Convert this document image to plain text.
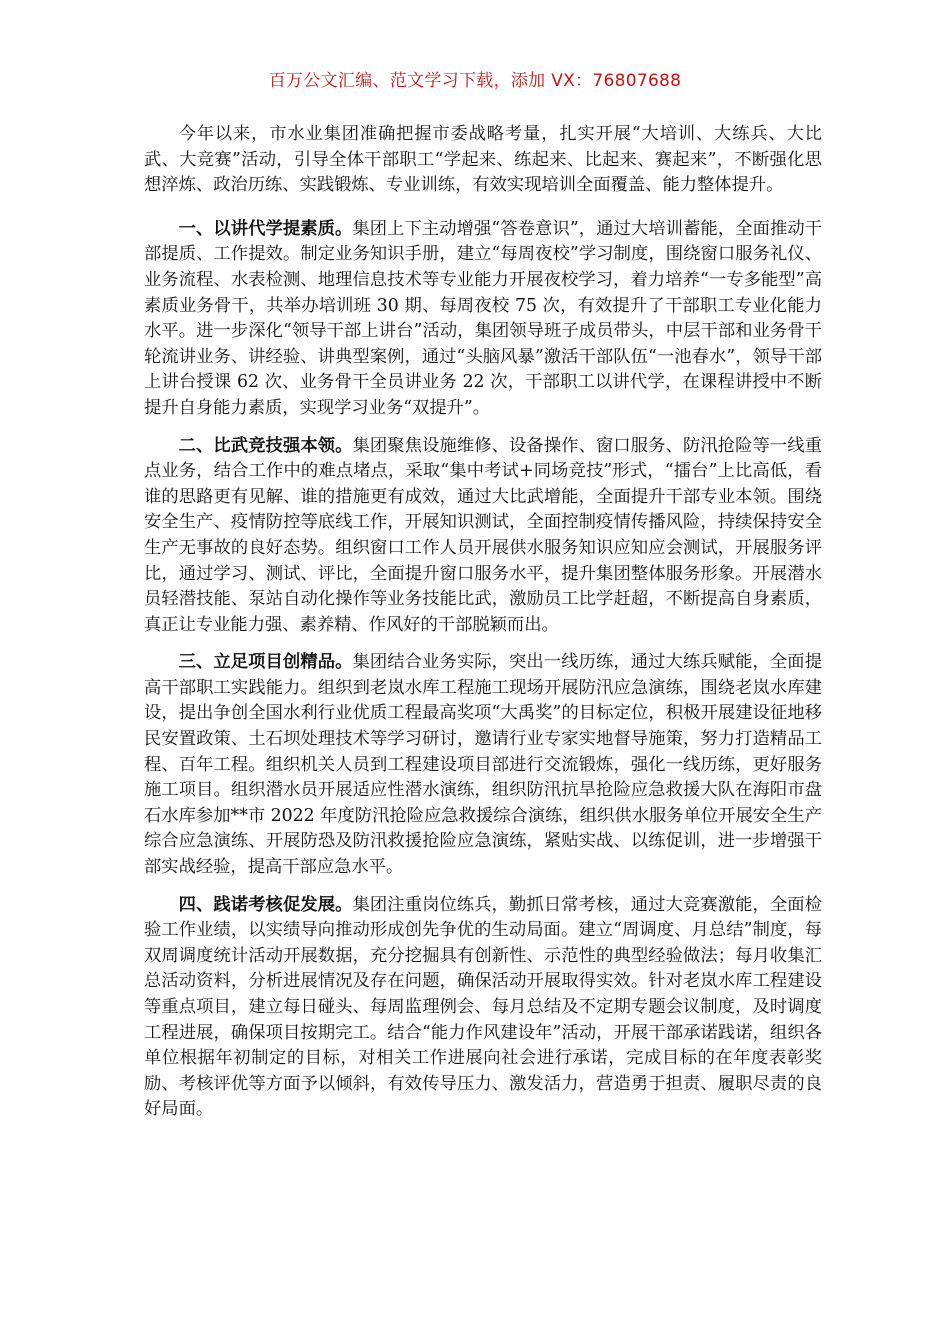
百万公文汇编、范文学习下载，添加 VX：76807688

今年以来，市水业集团准确把握市委战略考量，扎实开展“大培训、大练兵、大比武、大竞赛”活动，引导全体干部职工“学起来、练起来、比起来、赛起来”，不断强化思想淬炼、政治历练、实践锻炼、专业训练，有效实现培训全面覆盖、能力整体提升。

一、以讲代学提素质。集团上下主动增强“答卷意识”，通过大培训蓄能，全面推动干部提质、工作提效。制定业务知识手册，建立“每周夜校”学习制度，围绕窗口服务礼仪、业务流程、水表检测、地理信息技术等专业能力开展夜校学习，着力培养“一专多能型”高素质业务骨干，共举办培训班 30 期、每周夜校 75 次，有效提升了干部职工专业化能力水平。进一步深化“领导干部上讲台”活动，集团领导班子成员带头，中层干部和业务骨干轮流讲业务、讲经验、讲典型案例，通过“头脑风暴”激活干部队伍“一池春水”，领导干部上讲台授课 62 次、业务骨干全员讲业务 22 次，干部职工以讲代学，在课程讲授中不断提升自身能力素质，实现学习业务“双提升”。

二、比武竞技强本领。集团聚焦设施维修、设备操作、窗口服务、防汛抢险等一线重点业务，结合工作中的难点堵点，采取“集中考试+同场竞技”形式，“擂台”上比高低，看谁的思路更有见解、谁的措施更有成效，通过大比武增能，全面提升干部专业本领。围绕安全生产、疫情防控等底线工作，开展知识测试，全面控制疫情传播风险，持续保持安全生产无事故的良好态势。组织窗口工作人员开展供水服务知识应知应会测试，开展服务评比，通过学习、测试、评比，全面提升窗口服务水平，提升集团整体服务形象。开展潜水员轻潜技能、泵站自动化操作等业务技能比武，激励员工比学赶超，不断提高自身素质，真正让专业能力强、素养精、作风好的干部脱颖而出。

三、立足项目创精品。集团结合业务实际，突出一线历练，通过大练兵赋能，全面提高干部职工实践能力。组织到老岚水库工程施工现场开展防汛应急演练，围绕老岚水库建设，提出争创全国水利行业优质工程最高奖项“大禹奖”的目标定位，积极开展建设征地移民安置政策、土石坝处理技术等学习研讨，邀请行业专家实地督导施策，努力打造精品工程、百年工程。组织机关人员到工程建设项目部进行交流锻炼，强化一线历练，更好服务施工项目。组织潜水员开展适应性潜水演练，组织防汛抗旱抢险应急救援大队在海阳市盘石水库参加**市 2022 年度防汛抢险应急救援综合演练，组织供水服务单位开展安全生产综合应急演练、开展防恐及防汛救援抢险应急演练，紧贴实战、以练促训，进一步增强干部实战经验，提高干部应急水平。

四、践诺考核促发展。集团注重岗位练兵，勤抓日常考核，通过大竞赛激能，全面检验工作业绩，以实绩导向推动形成创先争优的生动局面。建立“周调度、月总结”制度，每双周调度统计活动开展数据，充分挖掘具有创新性、示范性的典型经验做法；每月收集汇总活动资料，分析进展情况及存在问题，确保活动开展取得实效。针对老岚水库工程建设等重点项目，建立每日碰头、每周监理例会、每月总结及不定期专题会议制度，及时调度工程进展，确保项目按期完工。结合“能力作风建设年”活动，开展干部承诺践诺，组织各单位根据年初制定的目标，对相关工作进展向社会进行承诺，完成目标的在年度表彰奖励、考核评优等方面予以倾斜，有效传导压力、激发活力，营造勇于担责、履职尽责的良好局面。
